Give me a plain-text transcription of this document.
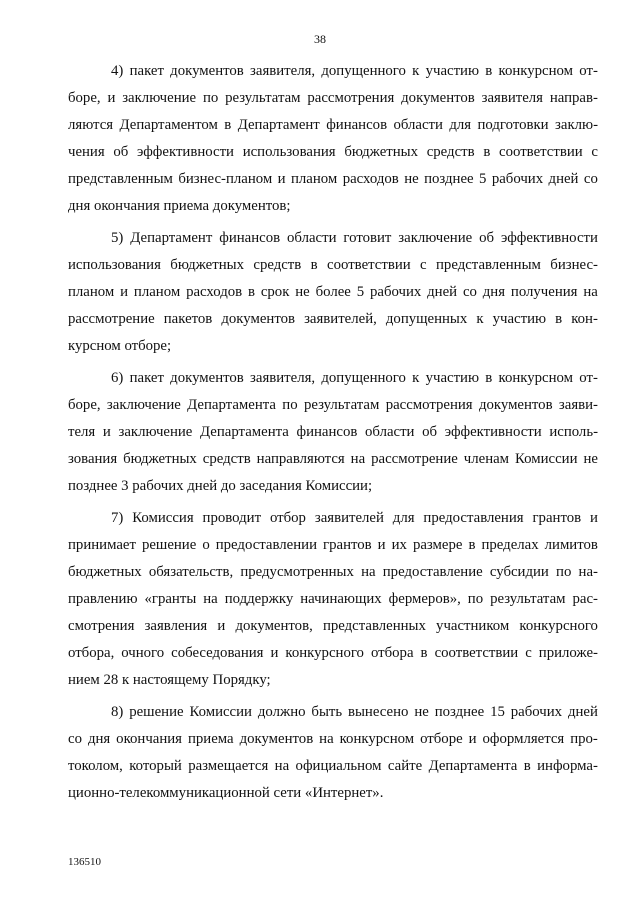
38
4) пакет документов заявителя, допущенного к участию в конкурсном от-
боре, и заключение по результатам рассмотрения документов заявителя направ-
ляются Департаментом в Департамент финансов области для подготовки заклю-
чения об эффективности использования бюджетных средств в соответствии с
представленным бизнес-планом и планом расходов не позднее 5 рабочих дней со
дня окончания приема документов;
5) Департамент финансов области готовит заключение об эффективности
использования бюджетных средств в соответствии с представленным бизнес-
планом и планом расходов в срок не более 5 рабочих дней со дня получения на
рассмотрение пакетов документов заявителей, допущенных к участию в кон-
курсном отборе;
6) пакет документов заявителя, допущенного к участию в конкурсном от-
боре, заключение Департамента по результатам рассмотрения документов заяви-
теля и заключение Департамента финансов области об эффективности исполь-
зования бюджетных средств направляются на рассмотрение членам Комиссии не
позднее 3 рабочих дней до заседания Комиссии;
7) Комиссия проводит отбор заявителей для предоставления грантов и
принимает решение о предоставлении грантов и их размере в пределах лимитов
бюджетных обязательств, предусмотренных на предоставление субсидии по на-
правлению «гранты на поддержку начинающих фермеров», по результатам рас-
смотрения заявления и документов, представленных участником конкурсного
отбора, очного собеседования и конкурсного отбора в соответствии с приложе-
нием 28 к настоящему Порядку;
8) решение Комиссии должно быть вынесено не позднее 15 рабочих дней
со дня окончания приема документов на конкурсном отборе и оформляется про-
токолом, который размещается на официальном сайте Департамента в информа-
ционно-телекоммуникационной сети «Интернет».
136510
